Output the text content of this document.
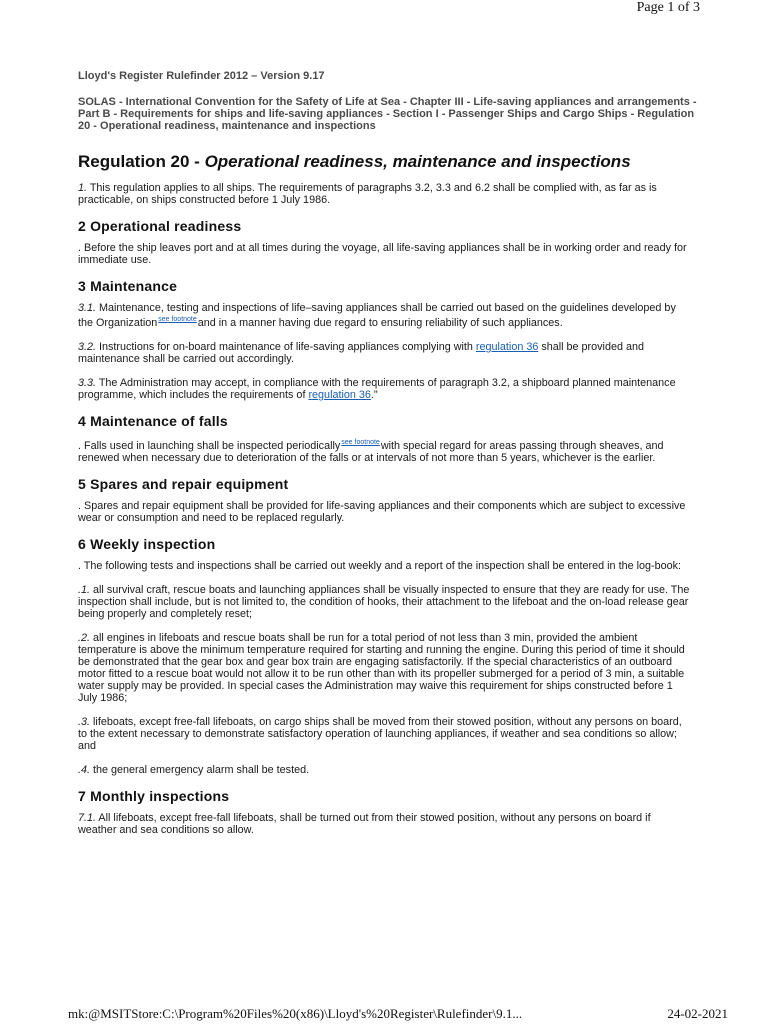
Page 1 of 3
Lloyd's Register Rulefinder 2012 – Version 9.17
SOLAS - International Convention for the Safety of Life at Sea - Chapter III - Life-saving appliances and arrangements - Part B - Requirements for ships and life-saving appliances - Section I - Passenger Ships and Cargo Ships - Regulation 20 - Operational readiness, maintenance and inspections
Regulation 20 - Operational readiness, maintenance and inspections

1. This regulation applies to all ships. The requirements of paragraphs 3.2, 3.3 and 6.2 shall be complied with, as far as is practicable, on ships constructed before 1 July 1986.

2 Operational readiness

. Before the ship leaves port and at all times during the voyage, all life-saving appliances shall be in working order and ready for immediate use.

3 Maintenance

3.1. Maintenance, testing and inspections of life–saving appliances shall be carried out based on the guidelines developed by the Organization$^{see footnote}$and in a manner having due regard to ensuring reliability of such appliances.

3.2. Instructions for on-board maintenance of life-saving appliances complying with regulation 36 shall be provided and maintenance shall be carried out accordingly.

3.3. The Administration may accept, in compliance with the requirements of paragraph 3.2, a shipboard planned maintenance programme, which includes the requirements of regulation 36."

4 Maintenance of falls

. Falls used in launching shall be inspected periodically$^{see footnote}$with special regard for areas passing through sheaves, and renewed when necessary due to deterioration of the falls or at intervals of not more than 5 years, whichever is the earlier.

5 Spares and repair equipment

. Spares and repair equipment shall be provided for life-saving appliances and their components which are subject to excessive wear or consumption and need to be replaced regularly.

6 Weekly inspection

. The following tests and inspections shall be carried out weekly and a report of the inspection shall be entered in the log-book:

.1. all survival craft, rescue boats and launching appliances shall be visually inspected to ensure that they are ready for use. The inspection shall include, but is not limited to, the condition of hooks, their attachment to the lifeboat and the on-load release gear being properly and completely reset;

.2. all engines in lifeboats and rescue boats shall be run for a total period of not less than 3 min, provided the ambient temperature is above the minimum temperature required for starting and running the engine. During this period of time it should be demonstrated that the gear box and gear box train are engaging satisfactorily. If the special characteristics of an outboard motor fitted to a rescue boat would not allow it to be run other than with its propeller submerged for a period of 3 min, a suitable water supply may be provided. In special cases the Administration may waive this requirement for ships constructed before 1 July 1986;

.3. lifeboats, except free-fall lifeboats, on cargo ships shall be moved from their stowed position, without any persons on board, to the extent necessary to demonstrate satisfactory operation of launching appliances, if weather and sea conditions so allow; and

.4. the general emergency alarm shall be tested.

7 Monthly inspections

7.1. All lifeboats, except free-fall lifeboats, shall be turned out from their stowed position, without any persons on board if weather and sea conditions so allow.

mk:@MSITStore:C:\Program%20Files%20(x86)\Lloyd's%20Register\Rulefinder\9.1...	24-02-2021
